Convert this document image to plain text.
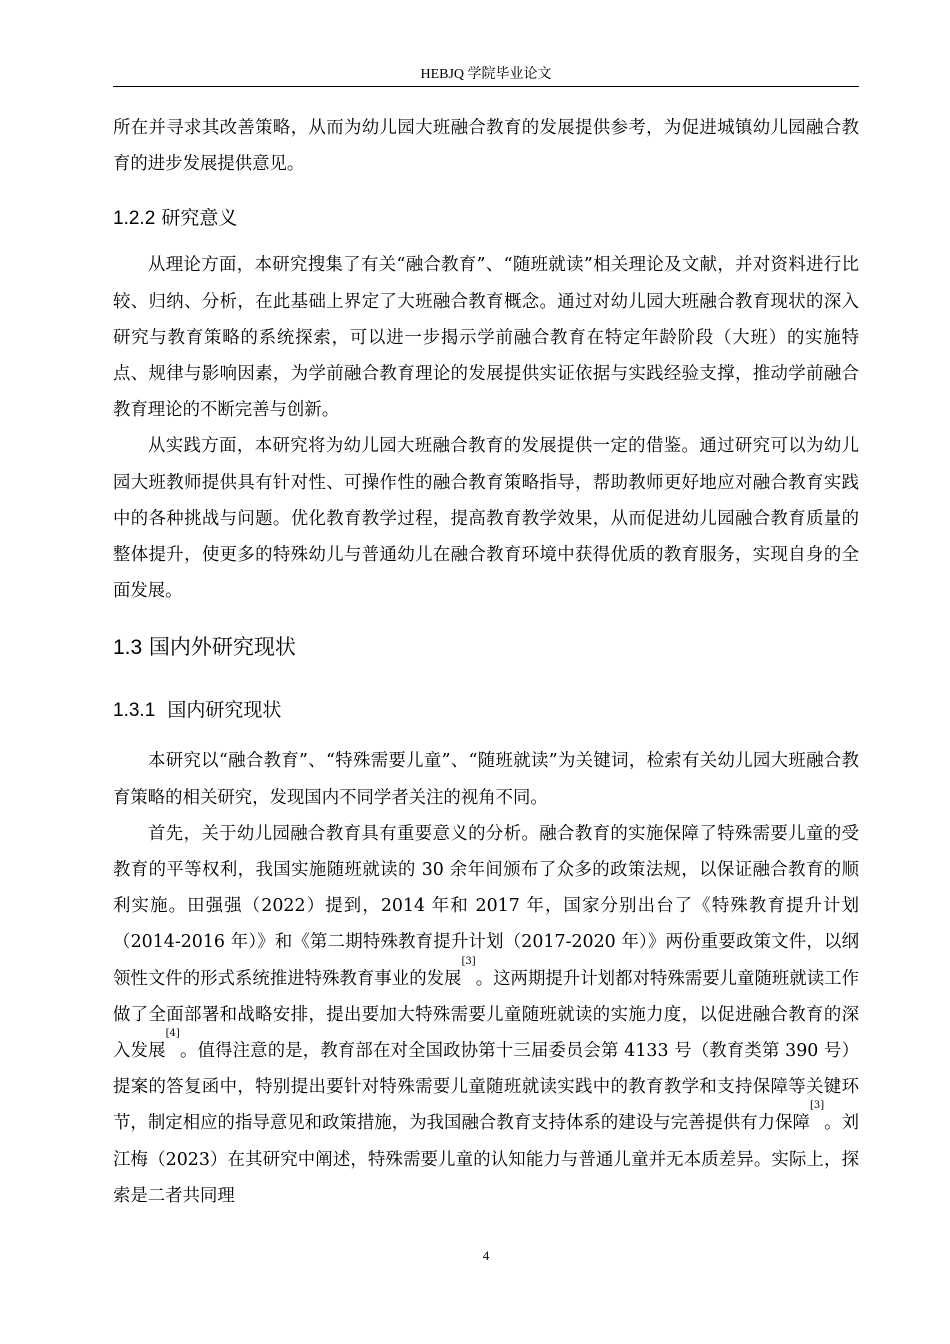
HEBJQ 学院毕业论文

所在并寻求其改善策略，从而为幼儿园大班融合教育的发展提供参考，为促进城镇幼儿园融合教育的进步发展提供意见。

1.2.2 研究意义

从理论方面，本研究搜集了有关“融合教育”、“随班就读”相关理论及文献，并对资料进行比较、归纳、分析，在此基础上界定了大班融合教育概念。通过对幼儿园大班融合教育现状的深入研究与教育策略的系统探索，可以进一步揭示学前融合教育在特定年龄阶段（大班）的实施特点、规律与影响因素，为学前融合教育理论的发展提供实证依据与实践经验支撑，推动学前融合教育理论的不断完善与创新。

从实践方面，本研究将为幼儿园大班融合教育的发展提供一定的借鉴。通过研究可以为幼儿园大班教师提供具有针对性、可操作性的融合教育策略指导，帮助教师更好地应对融合教育实践中的各种挑战与问题。优化教育教学过程，提高教育教学效果，从而促进幼儿园融合教育质量的整体提升，使更多的特殊幼儿与普通幼儿在融合教育环境中获得优质的教育服务，实现自身的全面发展。

1.3 国内外研究现状
1.3.1 国内研究现状

本研究以“融合教育”、“特殊需要儿童”、“随班就读”为关键词，检索有关幼儿园大班融合教育策略的相关研究，发现国内不同学者关注的视角不同。

首先，关于幼儿园融合教育具有重要意义的分析。融合教育的实施保障了特殊需要儿童的受教育的平等权利，我国实施随班就读的 30 余年间颁布了众多的政策法规，以保证融合教育的顺利实施。田强强（2022）提到，2014 年和 2017 年，国家分别出台了《特殊教育提升计划（2014-2016 年）》和《第二期特殊教育提升计划（2017-2020 年）》两份重要政策文件，以纲领性文件的形式系统推进特殊教育事业的发展[3]。这两期提升计划都对特殊需要儿童随班就读工作做了全面部署和战略安排，提出要加大特殊需要儿童随班就读的实施力度，以促进融合教育的深入发展[4]。值得注意的是，教育部在对全国政协第十三届委员会第 4133 号（教育类第 390 号）提案的答复函中，特别提出要针对特殊需要儿童随班就读实践中的教育教学和支持保障等关键环节，制定相应的指导意见和政策措施，为我国融合教育支持体系的建设与完善提供有力保障[3]。刘江梅（2023）在其研究中阐述，特殊需要儿童的认知能力与普通儿童并无本质差异。实际上，探索是二者共同理

4
